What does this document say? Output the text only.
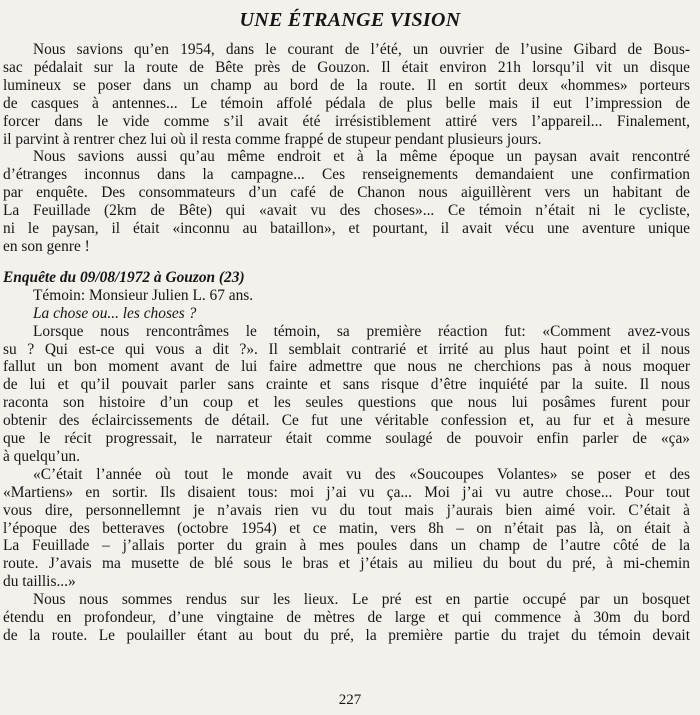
UNE ÉTRANGE VISION
Nous savions qu’en 1954, dans le courant de l’été, un ouvrier de l’usine Gibard de Bous-
sac pédalait sur la route de Bête près de Gouzon. Il était environ 21h lorsqu’il vit un disque
lumineux se poser dans un champ au bord de la route. Il en sortit deux «hommes» porteurs
de casques à antennes... Le témoin affolé pédala de plus belle mais il eut l’impression de
forcer dans le vide comme s’il avait été irrésistiblement attiré vers l’appareil... Finalement,
il parvint à rentrer chez lui où il resta comme frappé de stupeur pendant plusieurs jours.
Nous savions aussi qu’au même endroit et à la même époque un paysan avait rencontré
d’étranges inconnus dans la campagne... Ces renseignements demandaient une confirmation
par enquête. Des consommateurs d’un café de Chanon nous aiguillèrent vers un habitant de
La Feuillade (2km de Bête) qui «avait vu des choses»... Ce témoin n’était ni le cycliste,
ni le paysan, il était «inconnu au bataillon», et pourtant, il avait vécu une aventure unique
en son genre !
Enquête du 09/08/1972 à Gouzon (23)
Témoin: Monsieur Julien L. 67 ans.
La chose ou... les choses ?
Lorsque nous rencontrâmes le témoin, sa première réaction fut: «Comment avez-vous
su ? Qui est-ce qui vous a dit ?». Il semblait contrarié et irrité au plus haut point et il nous
fallut un bon moment avant de lui faire admettre que nous ne cherchions pas à nous moquer
de lui et qu’il pouvait parler sans crainte et sans risque d’être inquiété par la suite. Il nous
raconta son histoire d’un coup et les seules questions que nous lui posâmes furent pour
obtenir des éclaircissements de détail. Ce fut une véritable confession et, au fur et à mesure
que le récit progressait, le narrateur était comme soulagé de pouvoir enfin parler de «ça»
à quelqu’un.
«C’était l’année où tout le monde avait vu des «Soucoupes Volantes» se poser et des
«Martiens» en sortir. Ils disaient tous: moi j’ai vu ça... Moi j’ai vu autre chose... Pour tout
vous dire, personnellemnt je n’avais rien vu du tout mais j’aurais bien aimé voir. C’était à
l’époque des betteraves (octobre 1954) et ce matin, vers 8h – on n’était pas là, on était à
La Feuillade – j’allais porter du grain à mes poules dans un champ de l’autre côté de la
route. J’avais ma musette de blé sous le bras et j’étais au milieu du bout du pré, à mi-chemin
du taillis...»
Nous nous sommes rendus sur les lieux. Le pré est en partie occupé par un bosquet
étendu en profondeur, d’une vingtaine de mètres de large et qui commence à 30m du bord
de la route. Le poulailler étant au bout du pré, la première partie du trajet du témoin devait
227
